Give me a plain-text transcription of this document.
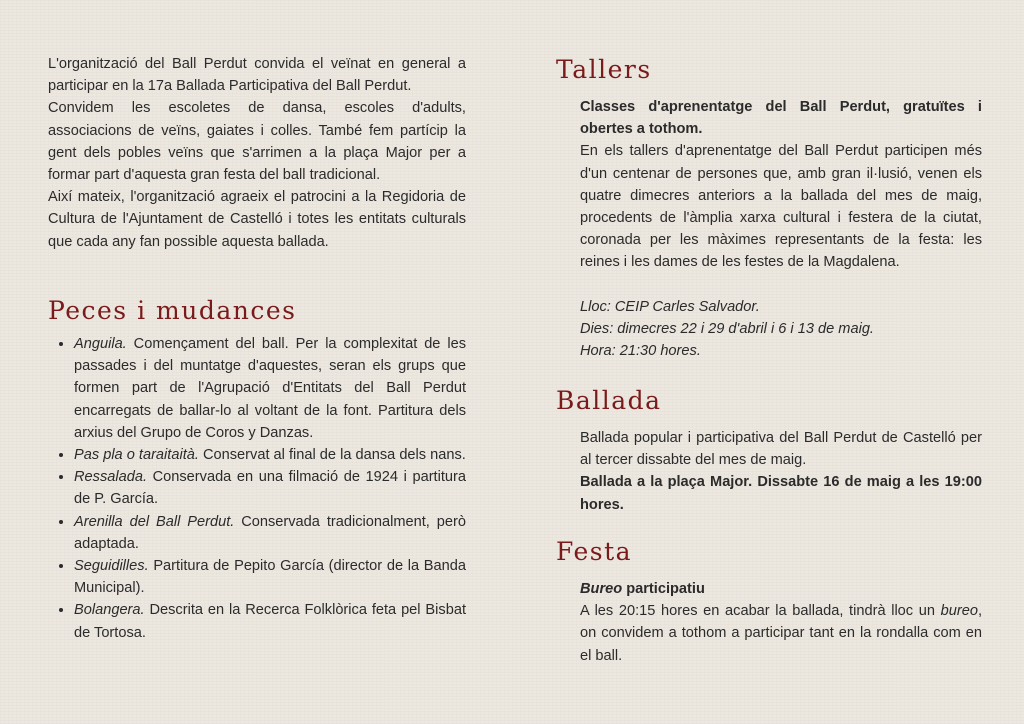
L'organització del Ball Perdut convida el veïnat en general a participar en la 17a Ballada Participativa del Ball Perdut.

Convidem les escoletes de dansa, escoles d'adults, associacions de veïns, gaiates i colles. També fem partícip la gent dels pobles veïns que s'arrimen a la plaça Major per a formar part d'aquesta gran festa del ball tradicional.

Així mateix, l'organització agraeix el patrocini a la Regidoria de Cultura de l'Ajuntament de Castelló i totes les entitats culturals que cada any fan possible aquesta ballada.

Peces i mudances
• Anguila. Començament del ball. Per la complexitat de les passades i del muntatge d'aquestes, seran els grups que formen part de l'Agrupació d'Entitats del Ball Perdut encarregats de ballar-lo al voltant de la font. Partitura dels arxius del Grupo de Coros y Danzas.
• Pas pla o taraitaità. Conservat al final de la dansa dels nans.
• Ressalada. Conservada en una filmació de 1924 i partitura de P. García.
• Arenilla del Ball Perdut. Conservada tradicionalment, però adaptada.
• Seguidilles. Partitura de Pepito García (director de la Banda Municipal).
• Bolangera. Descrita en la Recerca Folklòrica feta pel Bisbat de Tortosa.
Tallers

Classes d'aprenentatge del Ball Perdut, gratuïtes i obertes a tothom.

En els tallers d'aprenentatge del Ball Perdut participen més d'un centenar de persones que, amb gran il·lusió, venen els quatre dimecres anteriors a la ballada del mes de maig, procedents de l'àmplia xarxa cultural i festera de la ciutat, coronada per les màximes representants de la festa: les reines i les dames de les festes de la Magdalena.

Lloc: CEIP Carles Salvador.

Dies: dimecres 22 i 29 d'abril i 6 i 13 de maig.

Hora: 21:30 hores.

Ballada

Ballada popular i participativa del Ball Perdut de Castelló per al tercer dissabte del mes de maig.

Ballada a la plaça Major. Dissabte 16 de maig a les 19:00 hores.

Festa

Bureo participatiu

A les 20:15 hores en acabar la ballada, tindrà lloc un bureo, on convidem a tothom a participar tant en la rondalla com en el ball.
